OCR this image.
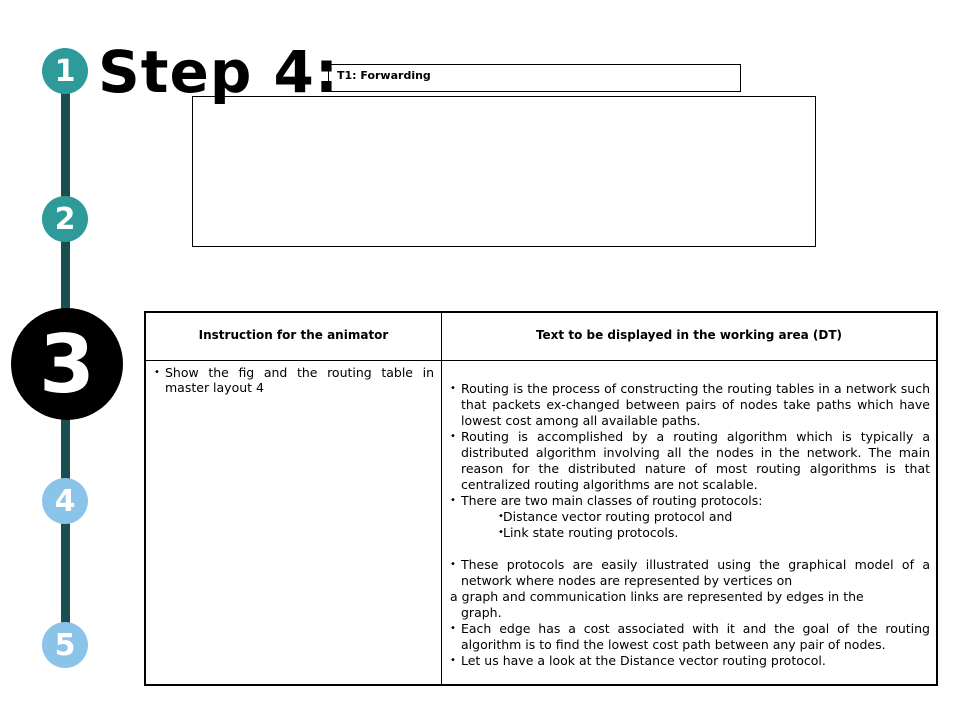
1
2
3
4
5
Step 4:
T1: Forwarding
Instruction for the animator	Text to be displayed in the working area (DT)
• Show the fig and the routing table in master layout 4
•	Routing is the process of constructing the routing tables in a network such that packets ex-changed between pairs of nodes take paths which have lowest cost among all available paths.
• Routing is accomplished by a routing algorithm which is typically a distributed algorithm involving all the nodes in the network. The main reason for the distributed nature of most routing algorithms is that centralized routing algorithms are not scalable.
• There are two main classes of routing protocols:
• Distance vector routing protocol and
• Link state routing protocols.
• These protocols are easily illustrated using the graphical model of a network where nodes are represented by vertices on
a graph and communication links are represented by edges in the
graph.
• Each edge has a cost associated with it and the goal of the routing algorithm is to find the lowest cost path between any pair of nodes.
• Let us have a look at the Distance vector routing protocol.
